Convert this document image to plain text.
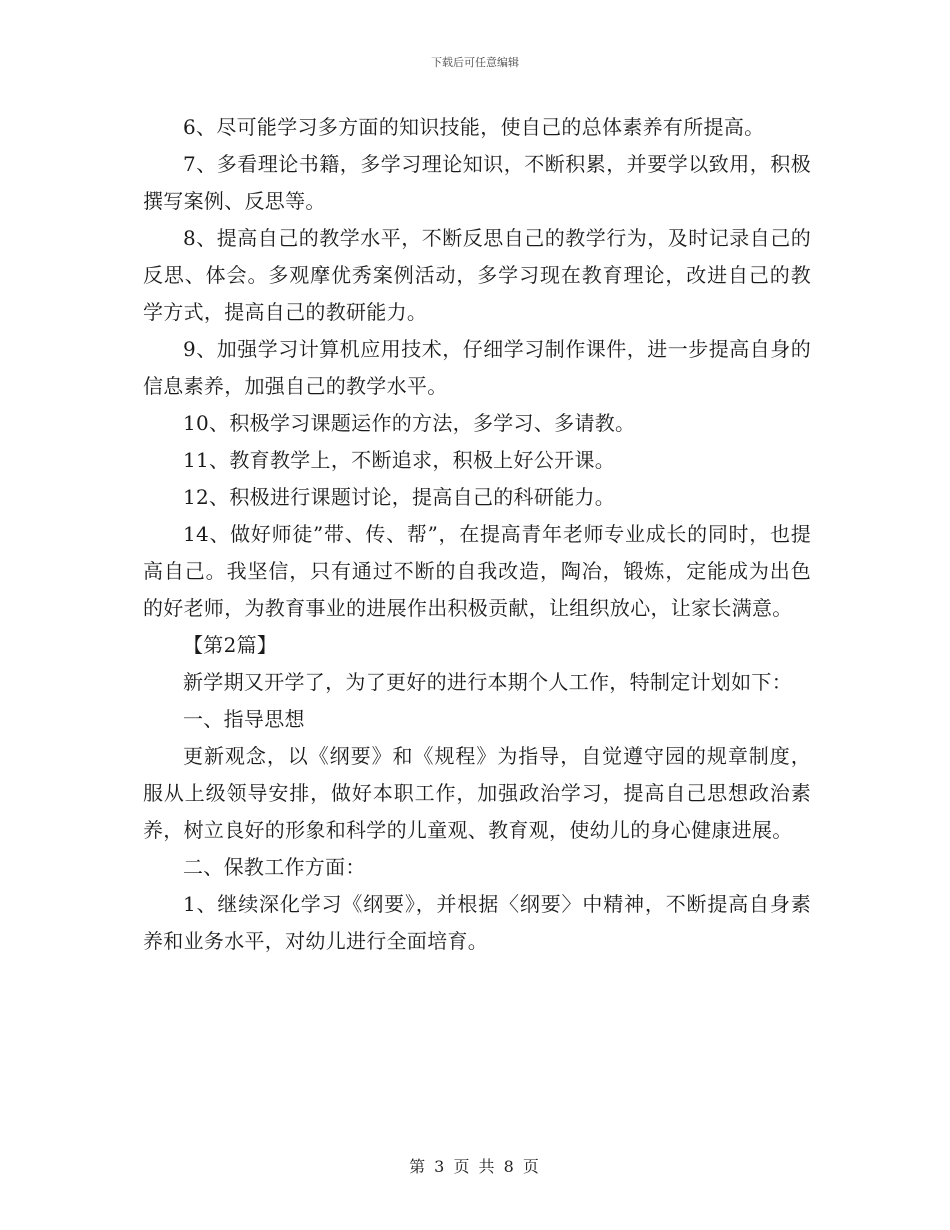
下载后可任意编辑

6、尽可能学习多方面的知识技能，使自己的总体素养有所提高。

7、多看理论书籍，多学习理论知识，不断积累，并要学以致用，积极撰写案例、反思等。

8、提高自己的教学水平，不断反思自己的教学行为，及时记录自己的反思、体会。多观摩优秀案例活动，多学习现在教育理论，改进自己的教学方式，提高自己的教研能力。

9、加强学习计算机应用技术，仔细学习制作课件，进一步提高自身的信息素养，加强自己的教学水平。

10、积极学习课题运作的方法，多学习、多请教。

11、教育教学上，不断追求，积极上好公开课。

12、积极进行课题讨论，提高自己的科研能力。

14、做好师徒”带、传、帮”，在提高青年老师专业成长的同时，也提高自己。我坚信，只有通过不断的自我改造，陶冶，锻炼，定能成为出色的好老师，为教育事业的进展作出积极贡献，让组织放心，让家长满意。

【第2篇】

新学期又开学了，为了更好的进行本期个人工作，特制定计划如下：

一、指导思想

更新观念，以《纲要》和《规程》为指导，自觉遵守园的规章制度，服从上级领导安排，做好本职工作，加强政治学习，提高自己思想政治素养，树立良好的形象和科学的儿童观、教育观，使幼儿的身心健康进展。

二、保教工作方面：

1、继续深化学习《纲要》，并根据〈纲要〉中精神，不断提高自身素养和业务水平，对幼儿进行全面培育。

第 3 页 共 8 页
